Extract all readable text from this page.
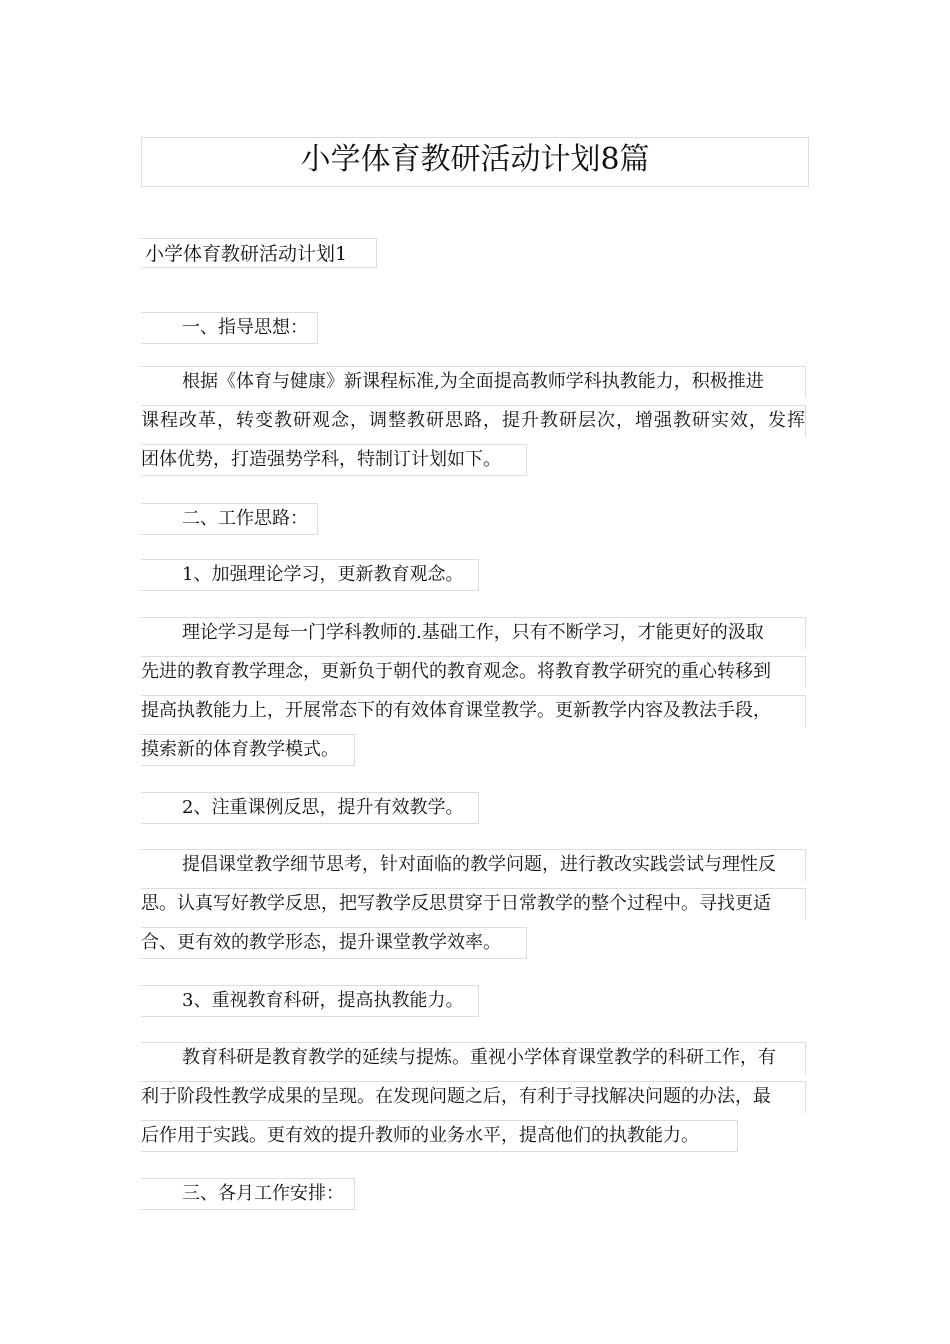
小学体育教研活动计划8篇
小学体育教研活动计划1
一、指导思想：
根据《体育与健康》新课程标准,为全面提高教师学科执教能力，积极推进
课程改革，转变教研观念，调整教研思路，提升教研层次，增强教研实效，发挥
团体优势，打造强势学科，特制订计划如下。
二、工作思路：
1、加强理论学习，更新教育观念。
理论学习是每一门学科教师的.基础工作，只有不断学习，才能更好的汲取
先进的教育教学理念，更新负于朝代的教育观念。将教育教学研究的重心转移到
提高执教能力上，开展常态下的有效体育课堂教学。更新教学内容及教法手段，
摸索新的体育教学模式。
2、注重课例反思，提升有效教学。
提倡课堂教学细节思考，针对面临的教学问题，进行教改实践尝试与理性反
思。认真写好教学反思，把写教学反思贯穿于日常教学的整个过程中。寻找更适
合、更有效的教学形态，提升课堂教学效率。
3、重视教育科研，提高执教能力。
教育科研是教育教学的延续与提炼。重视小学体育课堂教学的科研工作，有
利于阶段性教学成果的呈现。在发现问题之后，有利于寻找解决问题的办法，最
后作用于实践。更有效的提升教师的业务水平，提高他们的执教能力。
三、各月工作安排：
